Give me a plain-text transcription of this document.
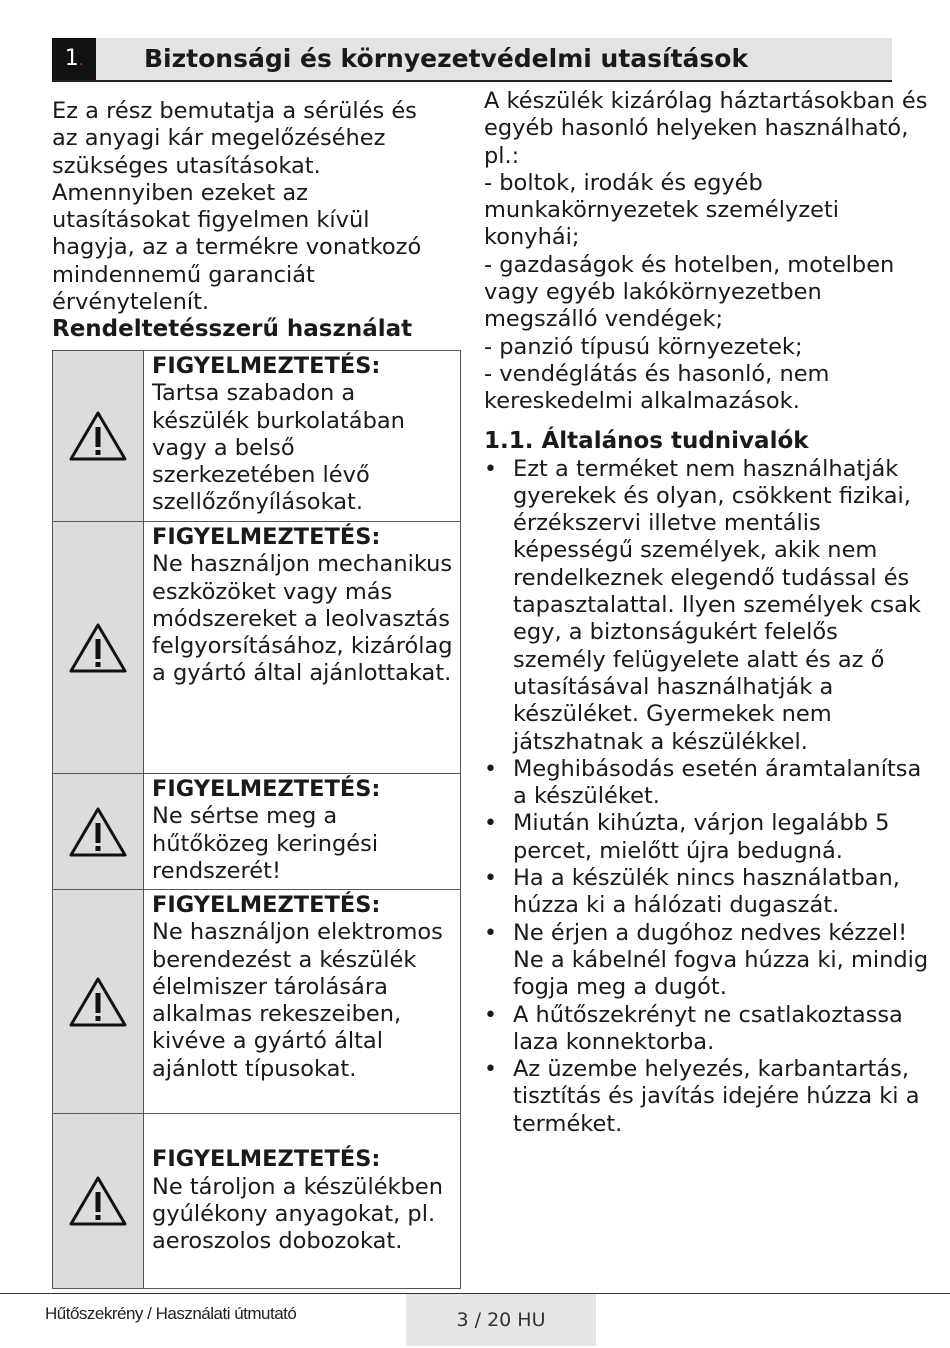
1.	Biztonsági és környezetvédelmi utasítások

Ez a rész bemutatja a sérülés és az anyagi kár megelőzéséhez szükséges utasításokat. Amennyiben ezeket az utasításokat figyelmen kívül hagyja, az a termékre vonatkozó mindennemű garanciát érvénytelenít.

Rendeltetésszerű használat

FIGYELMEZTETÉS:
Tartsa szabadon a készülék burkolatában vagy a belső szerkezetében lévő szellőzőnyílásokat.

FIGYELMEZTETÉS:
Ne használjon mechanikus eszközöket vagy más módszereket a leolvasztás felgyorsításához, kizárólag a gyártó által ajánlottakat.

FIGYELMEZTETÉS:
Ne sértse meg a hűtőközeg keringési rendszerét!

FIGYELMEZTETÉS:
Ne használjon elektromos berendezést a készülék élelmiszer tárolására alkalmas rekeszeiben, kivéve a gyártó által ajánlott típusokat.

FIGYELMEZTETÉS:
Ne tároljon a készülékben gyúlékony anyagokat, pl. aeroszolos dobozokat.

A készülék kizárólag háztartásokban és egyéb hasonló helyeken használható, pl.:

- boltok, irodák és egyéb munkakörnyezetek személyzeti konyhái;

- gazdaságok és hotelben, motelben vagy egyéb lakókörnyezetben megszálló vendégek;

- panzió típusú környezetek;

- vendéglátás és hasonló, nem kereskedelmi alkalmazások.

1.1. Általános tudnivalók
• Ezt a terméket nem használhatják gyerekek és olyan, csökkent fizikai, érzékszervi illetve mentális képességű személyek, akik nem rendelkeznek elegendő tudással és tapasztalattal. Ilyen személyek csak egy, a biztonságukért felelős személy felügyelete alatt és az ő utasításával használhatják a készüléket. Gyermekek nem játszhatnak a készülékkel.
• Meghibásodás esetén áramtalanítsa a készüléket.
• Miután kihúzta, várjon legalább 5 percet, mielőtt újra bedugná.
• Ha a készülék nincs használatban, húzza ki a hálózati dugaszát.
• Ne érjen a dugóhoz nedves kézzel! Ne a kábelnél fogva húzza ki, mindig fogja meg a dugót.
• A hűtőszekrényt ne csatlakoztassa laza konnektorba.
• Az üzembe helyezés, karbantartás, tisztítás és javítás idejére húzza ki a terméket.
Hűtőszekrény / Használati útmutató	3 / 20 HU
